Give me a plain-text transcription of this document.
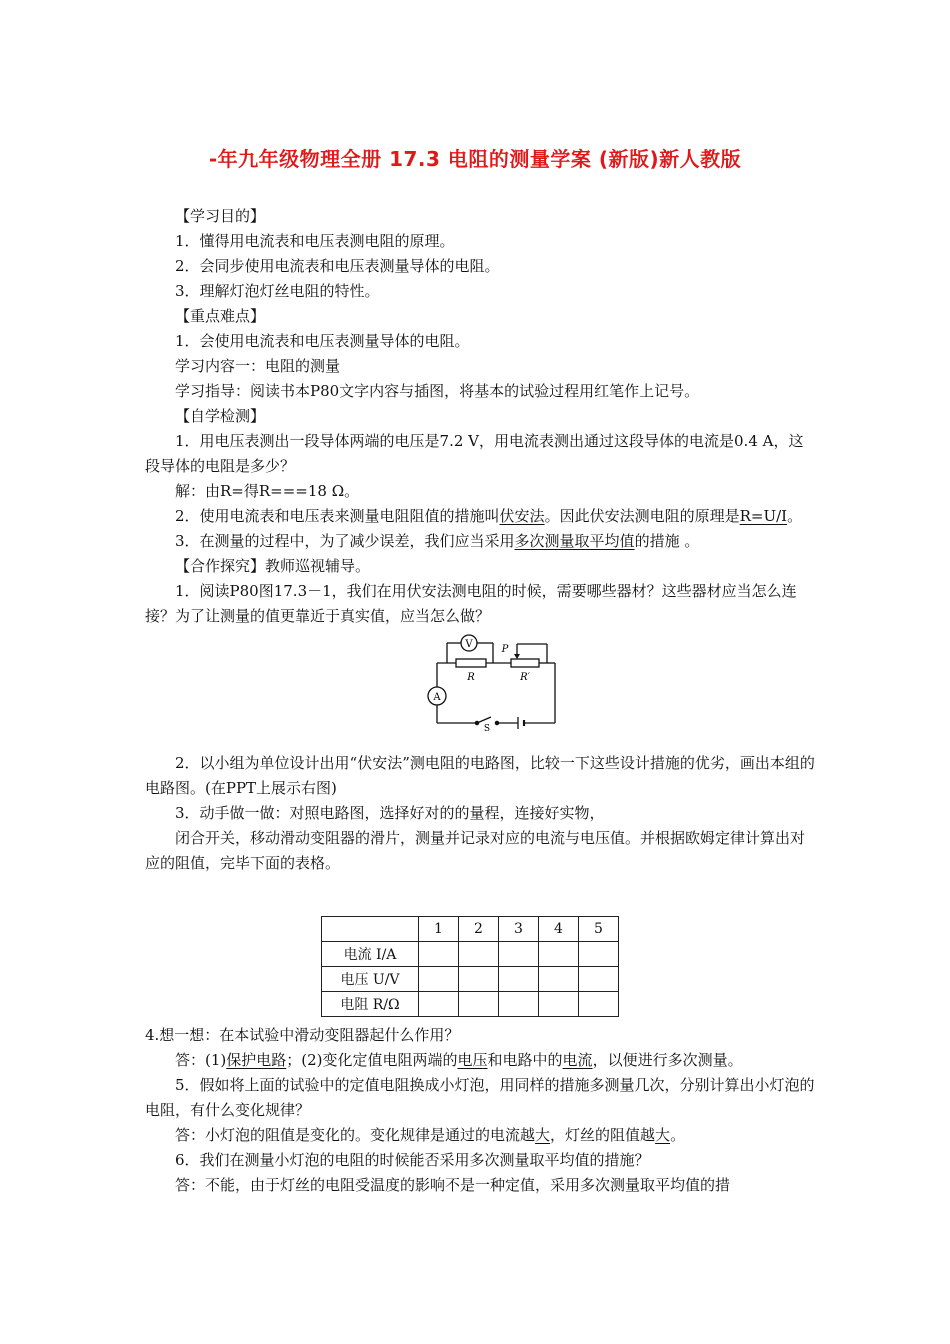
-年九年级物理全册 17.3 电阻的测量学案 (新版)新人教版

【学习目的】

1．懂得用电流表和电压表测电阻的原理。

2．会同步使用电流表和电压表测量导体的电阻。

3．理解灯泡灯丝电阻的特性。

【重点难点】

1．会使用电流表和电压表测量导体的电阻。

学习内容一：电阻的测量

学习指导：阅读书本P80文字内容与插图，将基本的试验过程用红笔作上记号。

【自学检测】

1．用电压表测出一段导体两端的电压是7.2 V，用电流表测出通过这段导体的电流是0.4 A，这段导体的电阻是多少？

解：由R=得R===18 Ω。

2．使用电流表和电压表来测量电阻阻值的措施叫伏安法。因此伏安法测电阻的原理是R=U/I。

3．在测量的过程中，为了减少误差，我们应当采用多次测量取平均值的措施 。

【合作探究】教师巡视辅导。

1．阅读P80图17.3－1，我们在用伏安法测电阻的时候，需要哪些器材？这些器材应当怎么连接？为了让测量的值更靠近于真实值，应当怎么做？

V
A
R	R′
P
S

2．以小组为单位设计出用“伏安法”测电阻的电路图，比较一下这些设计措施的优劣，画出本组的电路图。(在PPT上展示右图)

3．动手做一做：对照电路图，选择好对的的量程，连接好实物，

闭合开关，移动滑动变阻器的滑片，测量并记录对应的电流与电压值。并根据欧姆定律计算出对应的阻值，完毕下面的表格。

	1	2	3	4	5
电流 I/A					
电压 U/V					
电阻 R/Ω					

4.想一想：在本试验中滑动变阻器起什么作用？

答：(1)保护电路；(2)变化定值电阻两端的电压和电路中的电流，以便进行多次测量。

5．假如将上面的试验中的定值电阻换成小灯泡，用同样的措施多测量几次，分别计算出小灯泡的电阻，有什么变化规律？

答：小灯泡的阻值是变化的。变化规律是通过的电流越大，灯丝的阻值越大。

6．我们在测量小灯泡的电阻的时候能否采用多次测量取平均值的措施？

答：不能，由于灯丝的电阻受温度的影响不是一种定值，采用多次测量取平均值的措
